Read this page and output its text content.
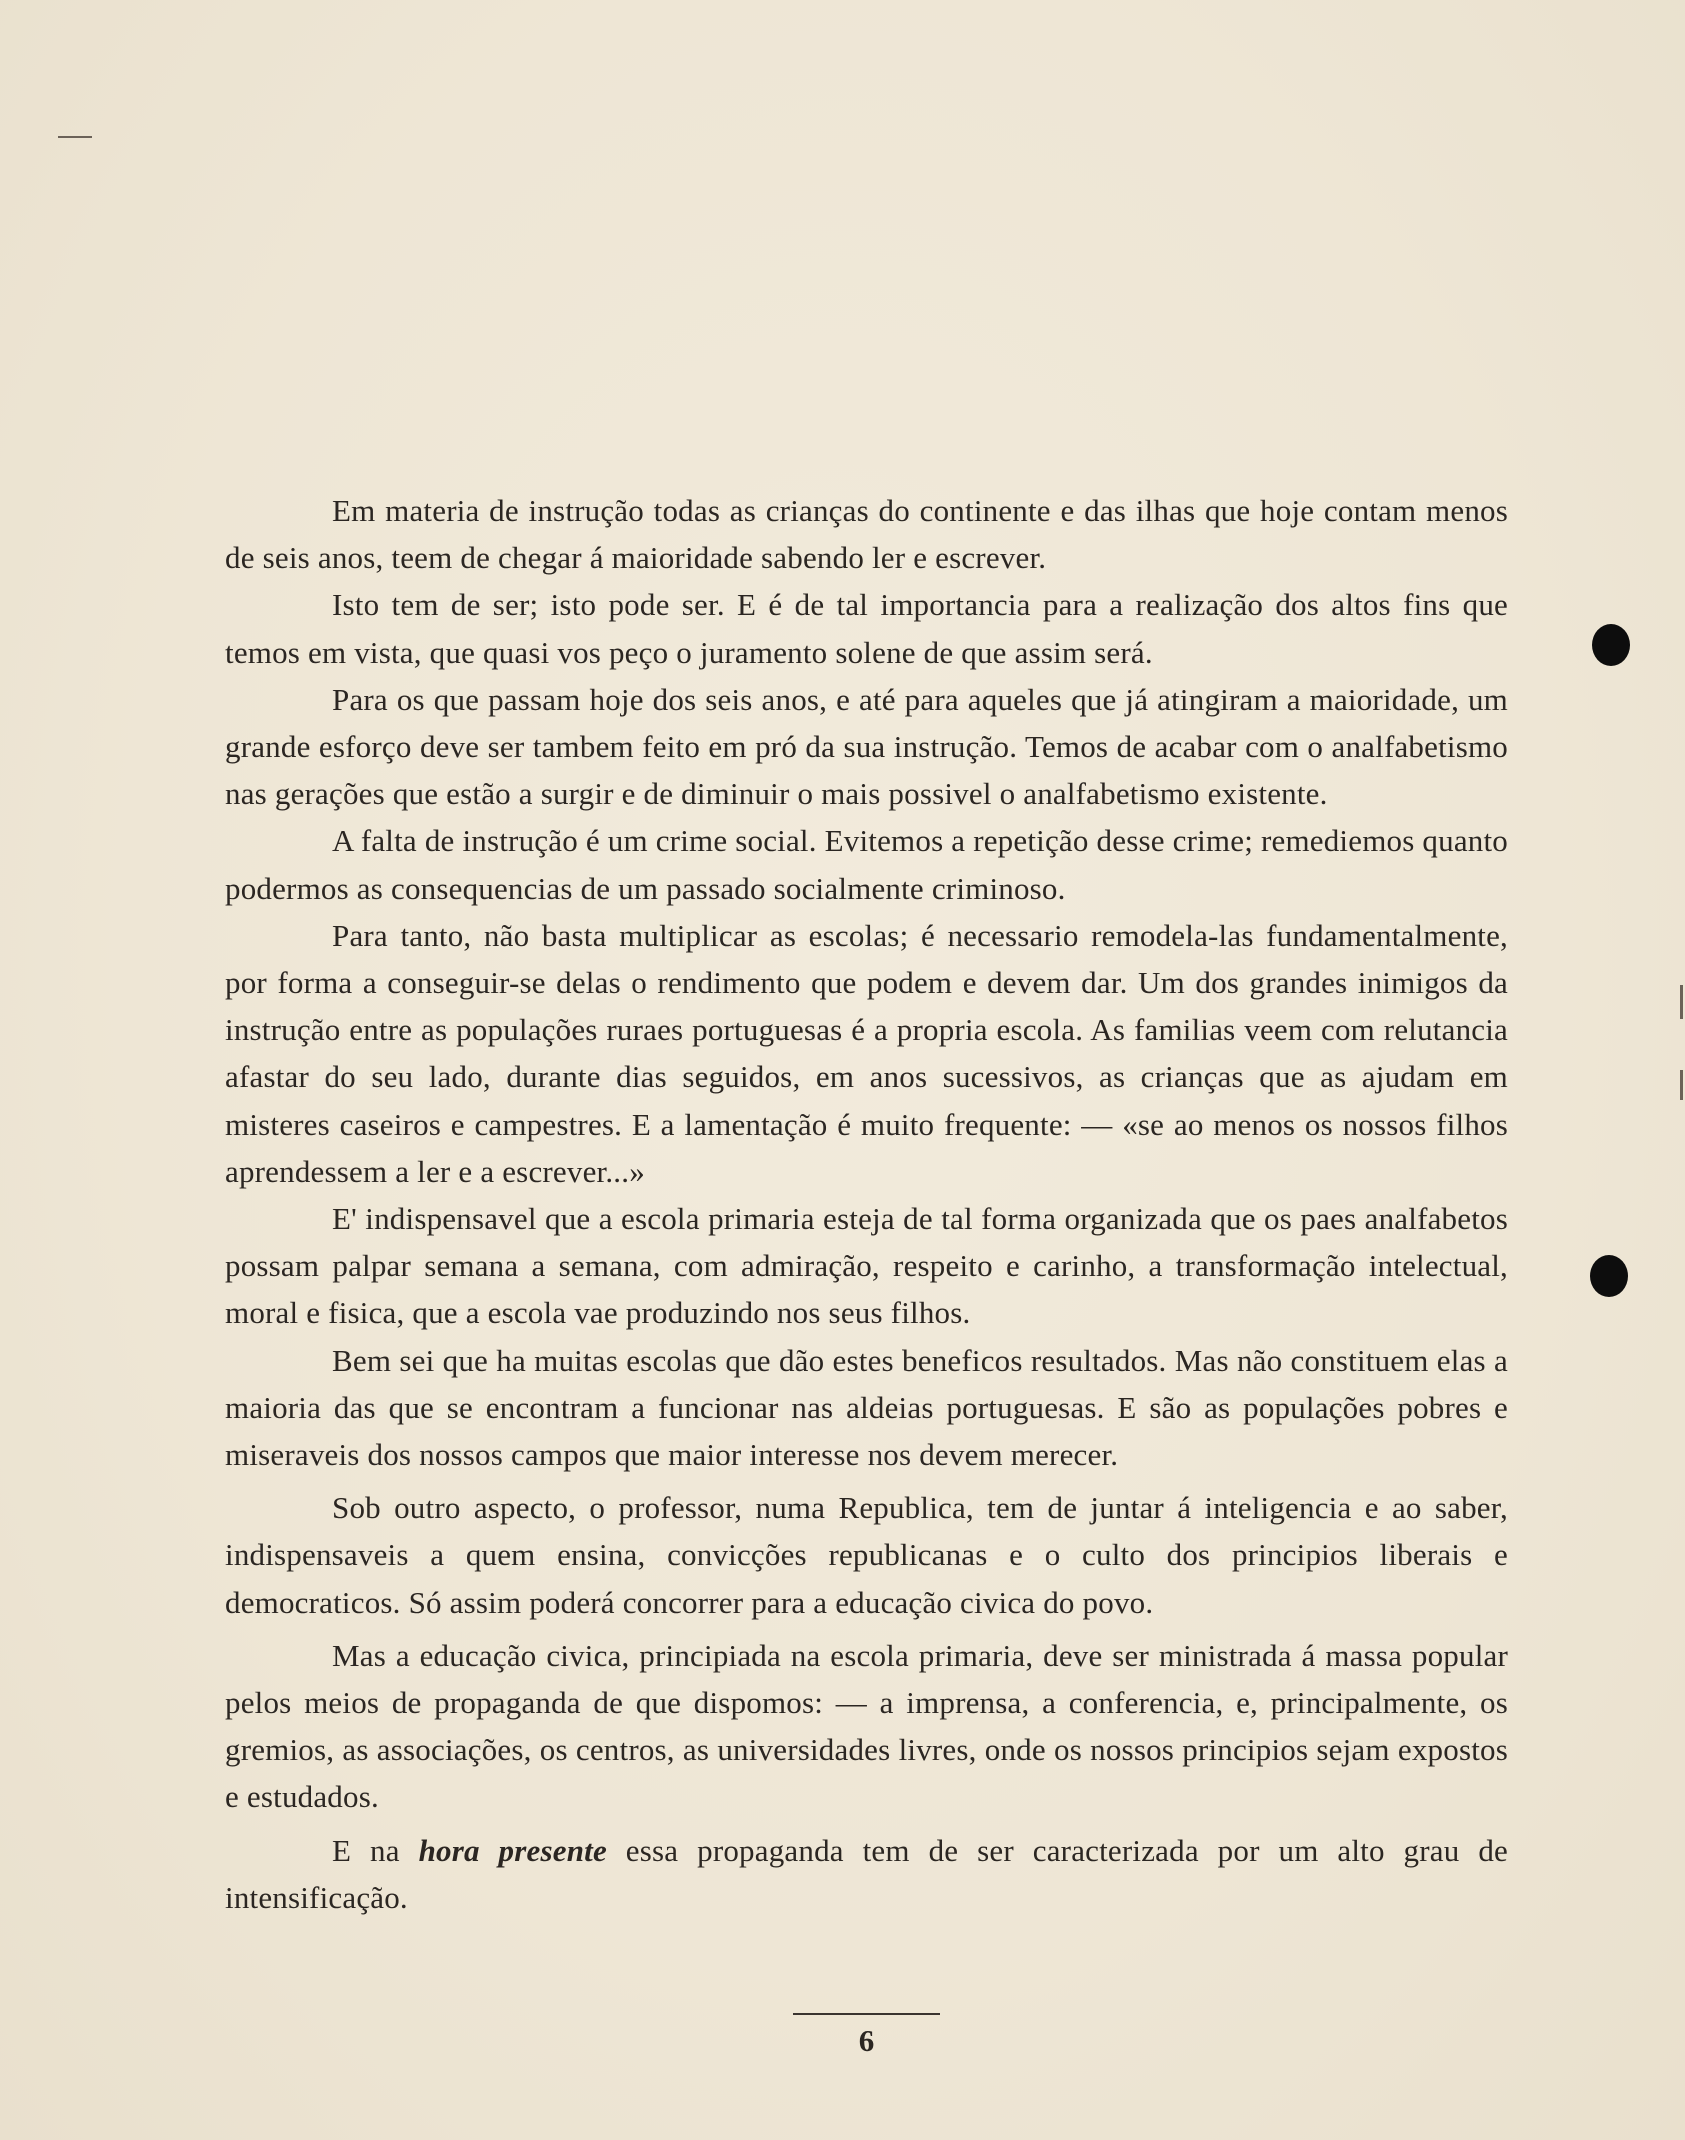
Em materia de instrução todas as crianças do continente e das ilhas que hoje contam menos de seis anos, teem de chegar á maioridade sabendo ler e escrever.

Isto tem de ser; isto pode ser. E é de tal importancia para a realização dos altos fins que temos em vista, que quasi vos peço o juramento solene de que assim será.

Para os que passam hoje dos seis anos, e até para aqueles que já atingiram a maioridade, um grande esforço deve ser tambem feito em pró da sua instrução. Temos de acabar com o analfabetismo nas gerações que estão a surgir e de diminuir o mais possivel o analfabetismo existente.

A falta de instrução é um crime social. Evitemos a repetição desse crime; remediemos quanto podermos as consequencias de um passado socialmente criminoso.

Para tanto, não basta multiplicar as escolas; é necessario remodela-las fundamentalmente, por forma a conseguir-se delas o rendimento que podem e devem dar. Um dos grandes inimigos da instrução entre as populações ruraes portuguesas é a propria escola. As familias veem com relutancia afastar do seu lado, durante dias seguidos, em anos sucessivos, as crianças que as ajudam em misteres caseiros e campestres. E a lamentação é muito frequente: — «se ao menos os nossos filhos aprendessem a ler e a escrever...»

E' indispensavel que a escola primaria esteja de tal forma organizada que os paes analfabetos possam palpar semana a semana, com admiração, respeito e carinho, a transformação intelectual, moral e fisica, que a escola vae produzindo nos seus filhos.

Bem sei que ha muitas escolas que dão estes beneficos resultados. Mas não constituem elas a maioria das que se encontram a funcionar nas aldeias portuguesas. E são as populações pobres e miseraveis dos nossos campos que maior interesse nos devem merecer.

Sob outro aspecto, o professor, numa Republica, tem de juntar á inteligencia e ao saber, indispensaveis a quem ensina, convicções republicanas e o culto dos principios liberais e democraticos. Só assim poderá concorrer para a educação civica do povo.

Mas a educação civica, principiada na escola primaria, deve ser ministrada á massa popular pelos meios de propaganda de que dispomos: — a imprensa, a conferencia, e, principalmente, os gremios, as associações, os centros, as universidades livres, onde os nossos principios sejam expostos e estudados.

E na hora presente essa propaganda tem de ser caracterizada por um alto grau de intensificação.

6
